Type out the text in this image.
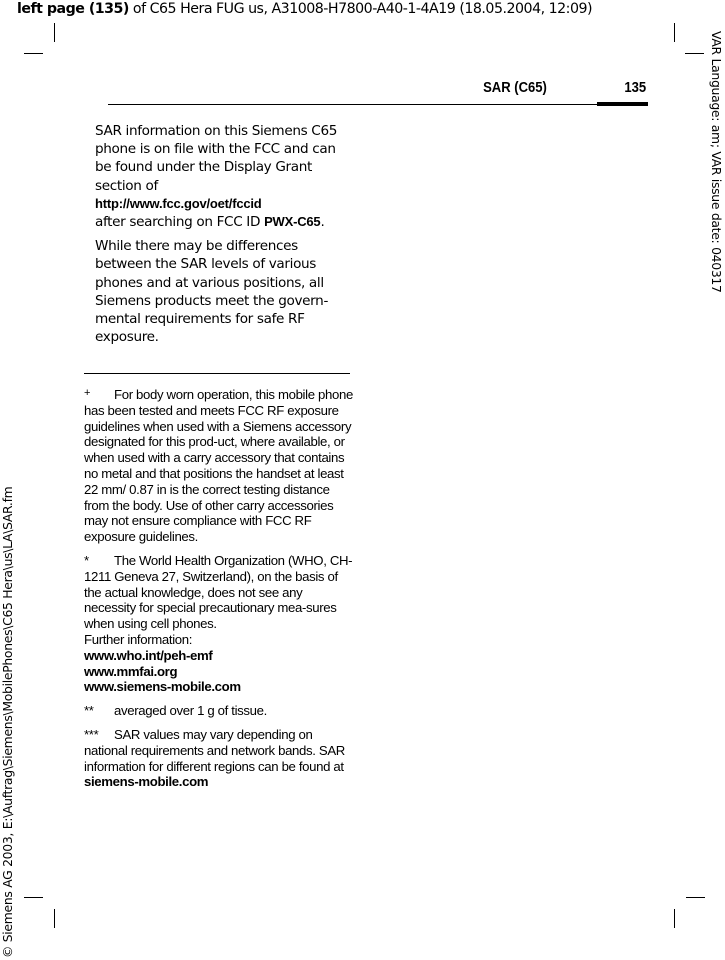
left page (135) of C65 Hera FUG us, A31008-H7800-A40-1-4A19 (18.05.2004, 12:09)
© Siemens AG 2003, E:\Auftrag\Siemens\MobilePhones\C65 Hera\us\LA\SAR.fm
VAR Language: am; VAR issue date: 040317
SAR (C65)	135

SAR information on this Siemens C65 phone is on file with the FCC and can be found under the Display Grant section of
http://www.fcc.gov/oet/fccid
after searching on FCC ID PWX-C65.

While there may be differences between the SAR levels of various phones and at various positions, all Siemens products meet the govern-mental requirements for safe RF exposure.

+ For body worn operation, this mobile phone has been tested and meets FCC RF exposure guidelines when used with a Siemens accessory designated for this prod-uct, where available, or when used with a carry accessory that contains no metal and that positions the handset at least 22 mm/ 0.87 in is the correct testing distance from the body. Use of other carry accessories may not ensure compliance with FCC RF exposure guidelines.
* The World Health Organization (WHO, CH-1211 Geneva 27, Switzerland), on the basis of the actual knowledge, does not see any necessity for special precautionary mea-sures when using cell phones.
Further information:
www.who.int/peh-emf
www.mmfai.org
www.siemens-mobile.com
** averaged over 1 g of tissue.
*** SAR values may vary depending on national requirements and network bands. SAR information for different regions can be found at siemens-mobile.com
